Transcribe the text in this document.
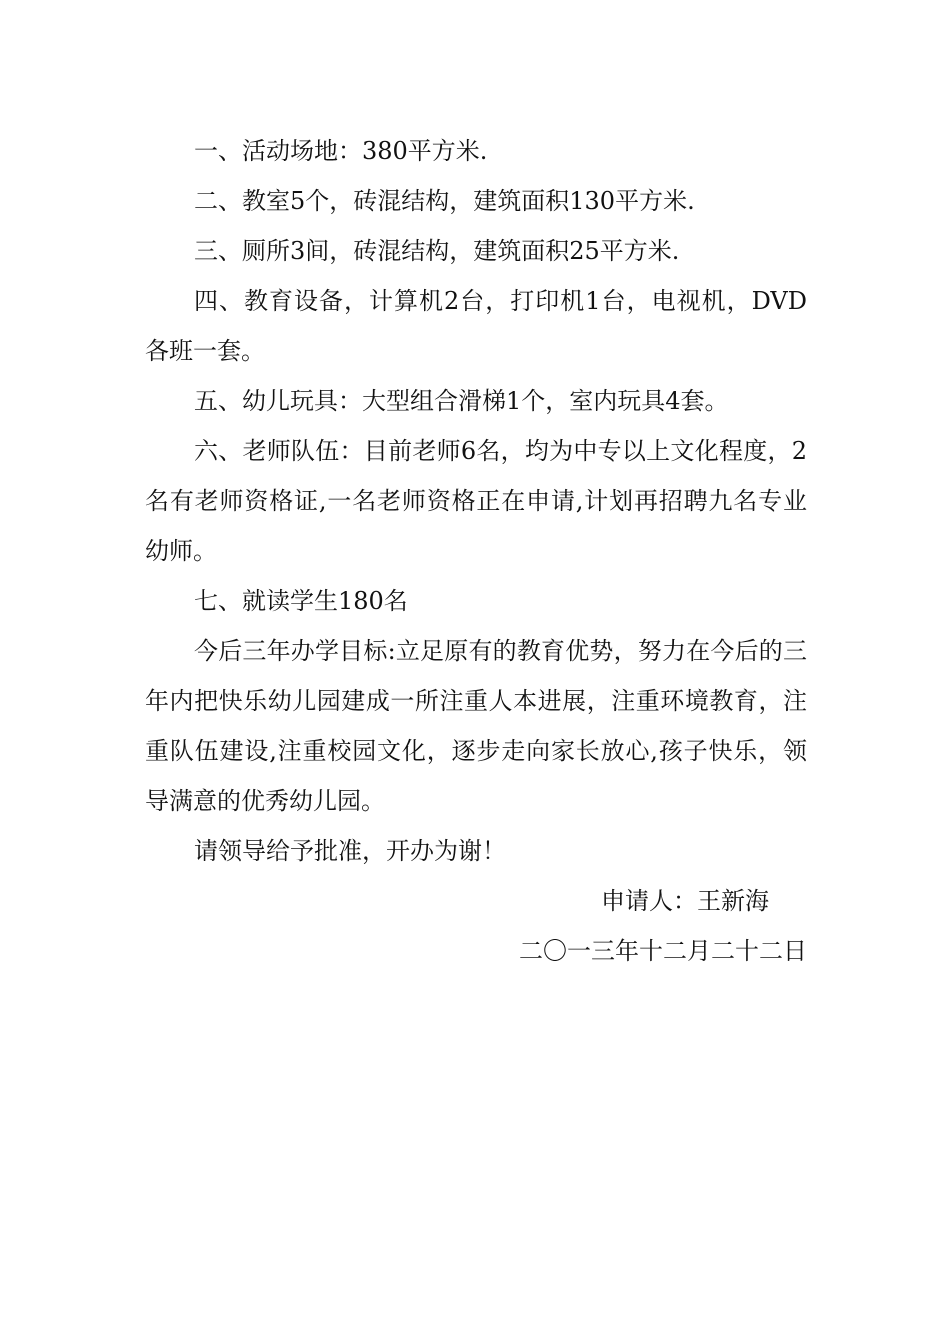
一、活动场地：380平方米.

二、教室5个，砖混结构，建筑面积130平方米.

三、厕所3间，砖混结构，建筑面积25平方米.

四、教育设备，计算机2台，打印机1台，电视机，DVD各班一套。

五、幼儿玩具：大型组合滑梯1个，室内玩具4套。

六、老师队伍：目前老师6名，均为中专以上文化程度，2名有老师资格证,一名老师资格正在申请,计划再招聘九名专业幼师。

七、就读学生180名

今后三年办学目标:立足原有的教育优势，努力在今后的三年内把快乐幼儿园建成一所注重人本进展，注重环境教育，注重队伍建设,注重校园文化，逐步走向家长放心,孩子快乐，领导满意的优秀幼儿园。

请领导给予批准，开办为谢！

申请人：王新海

二〇一三年十二月二十二日
